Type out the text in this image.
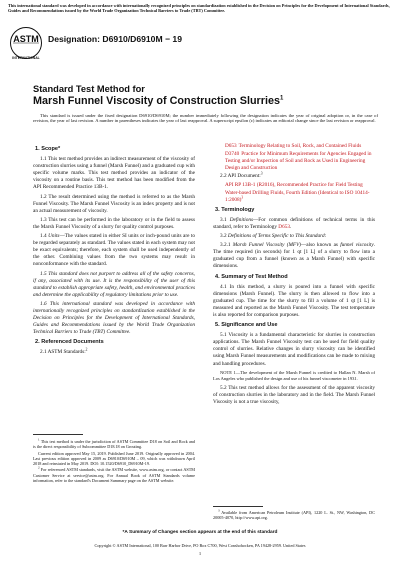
This international standard was developed in accordance with internationally recognized principles on standardization established in the Decision on Principles for the Development of International Standards, Guides and Recommendations issued by the World Trade Organization Technical Barriers to Trade (TBT) Committee.
ASTM
INTERNATIONAL
Designation: D6910/D6910M − 19
Standard Test Method for
Marsh Funnel Viscosity of Construction Slurries$^1$
This standard is issued under the fixed designation D6910/D6910M; the number immediately following the designation indicates the year of original adoption or, in the case of revision, the year of last revision. A number in parentheses indicates the year of last reapproval. A superscript epsilon (ε) indicates an editorial change since the last revision or reapproval.
1. Scope*

1.1 This test method provides an indirect measurement of the viscosity of construction slurries using a funnel (Marsh Funnel) and a graduated cup with specific volume marks. This test method provides an indicator of the viscosity on a routine basis. This test method has been modified from the API Recommended Practice 13B-1.

1.2 The result determined using the method is referred to as the Marsh Funnel Viscosity. The Marsh Funnel Viscosity is an index property and is not an actual measurement of viscosity.

1.3 This test can be performed in the laboratory or in the field to assess the Marsh Funnel Viscosity of a slurry for quality control purposes.

1.4 Units—The values stated in either SI units or inch-pound units are to be regarded separately as standard. The values stated in each system may not be exact equivalents; therefore, each system shall be used independently of the other. Combining values from the two systems may result in nonconformance with the standard.

1.5 This standard does not purport to address all of the safety concerns, if any, associated with its use. It is the responsibility of the user of this standard to establish appropriate safety, health, and environmental practices and determine the applicability of regulatory limitations prior to use.

1.6 This international standard was developed in accordance with internationally recognized principles on standardization established in the Decision on Principles for the Development of International Standards, Guides and Recommendations issued by the World Trade Organization Technical Barriers to Trade (TBT) Committee.

2. Referenced Documents

2.1 ASTM Standards:$^2$

$^1$ This test method is under the jurisdiction of ASTM Committee D18 on Soil and Rock and is the direct responsibility of Subcommittee D18.18 on Grouting.

Current edition approved May 15, 2019. Published June 2019. Originally approved in 2004. Last previous edition approved in 2009 as D6910/D6910M – 09, which was withdrawn April 2018 and reinstated in May 2019. DOI: 10.1520/D6910_D6910M-19.

$^2$ For referenced ASTM standards, visit the ASTM website, www.astm.org, or contact ASTM Customer Service at service@astm.org. For Annual Book of ASTM Standards volume information, refer to the standard's Document Summary page on the ASTM website.

D653 Terminology Relating to Soil, Rock, and Contained Fluids
D3740 Practice for Minimum Requirements for Agencies Engaged in Testing and/or Inspection of Soil and Rock as Used in Engineering Design and Construction

2.2 API Document:$^3$

API RP 13B-1 (R2016), Recommended Practice for Field Testing Water-based Drilling Fluids, Fourth Edition (Identical to ISO 10414-1:2008)$^3$
3. Terminology

3.1 Definitions—For common definitions of technical terms in this standard, refer to Terminology D653.

3.2 Definitions of Terms Specific to This Standard:

3.2.1 Marsh Funnel Viscosity (MFV)—also known as funnel viscosity. The time required (in seconds) for 1 qt [1 L] of a slurry to flow into a graduated cup from a funnel (known as a Marsh Funnel) with specific dimensions.

4. Summary of Test Method

4.1 In this method, a slurry is poured into a funnel with specific dimensions (Marsh Funnel). The slurry is then allowed to flow into a graduated cup. The time for the slurry to fill a volume of 1 qt [1 L] is measured and reported as the Marsh Funnel Viscosity. The test temperature is also reported for comparison purposes.

5. Significance and Use

5.1 Viscosity is a fundamental characteristic for slurries in construction applications. The Marsh Funnel Viscosity test can be used for field quality control of slurries. Relative changes in slurry viscosity can be identified using Marsh Funnel measurements and modifications can be made to mixing and handling procedures.

NOTE 1—The development of the Marsh Funnel is credited to Hallan N. Marsh of Los Angeles who published the design and use of his funnel viscometer in 1931.

5.2 This test method allows for the assessment of the apparent viscosity of construction slurries in the laboratory and in the field. The Marsh Funnel Viscosity is not a true viscosity,

$^3$ Available from American Petroleum Institute (API), 1220 L. St., NW, Washington, DC 20005-4070, http://www.api.org.

*A Summary of Changes section appears at the end of this standard
Copyright © ASTM International, 100 Barr Harbor Drive, PO Box C700, West Conshohocken, PA 19428-2959. United States
1
